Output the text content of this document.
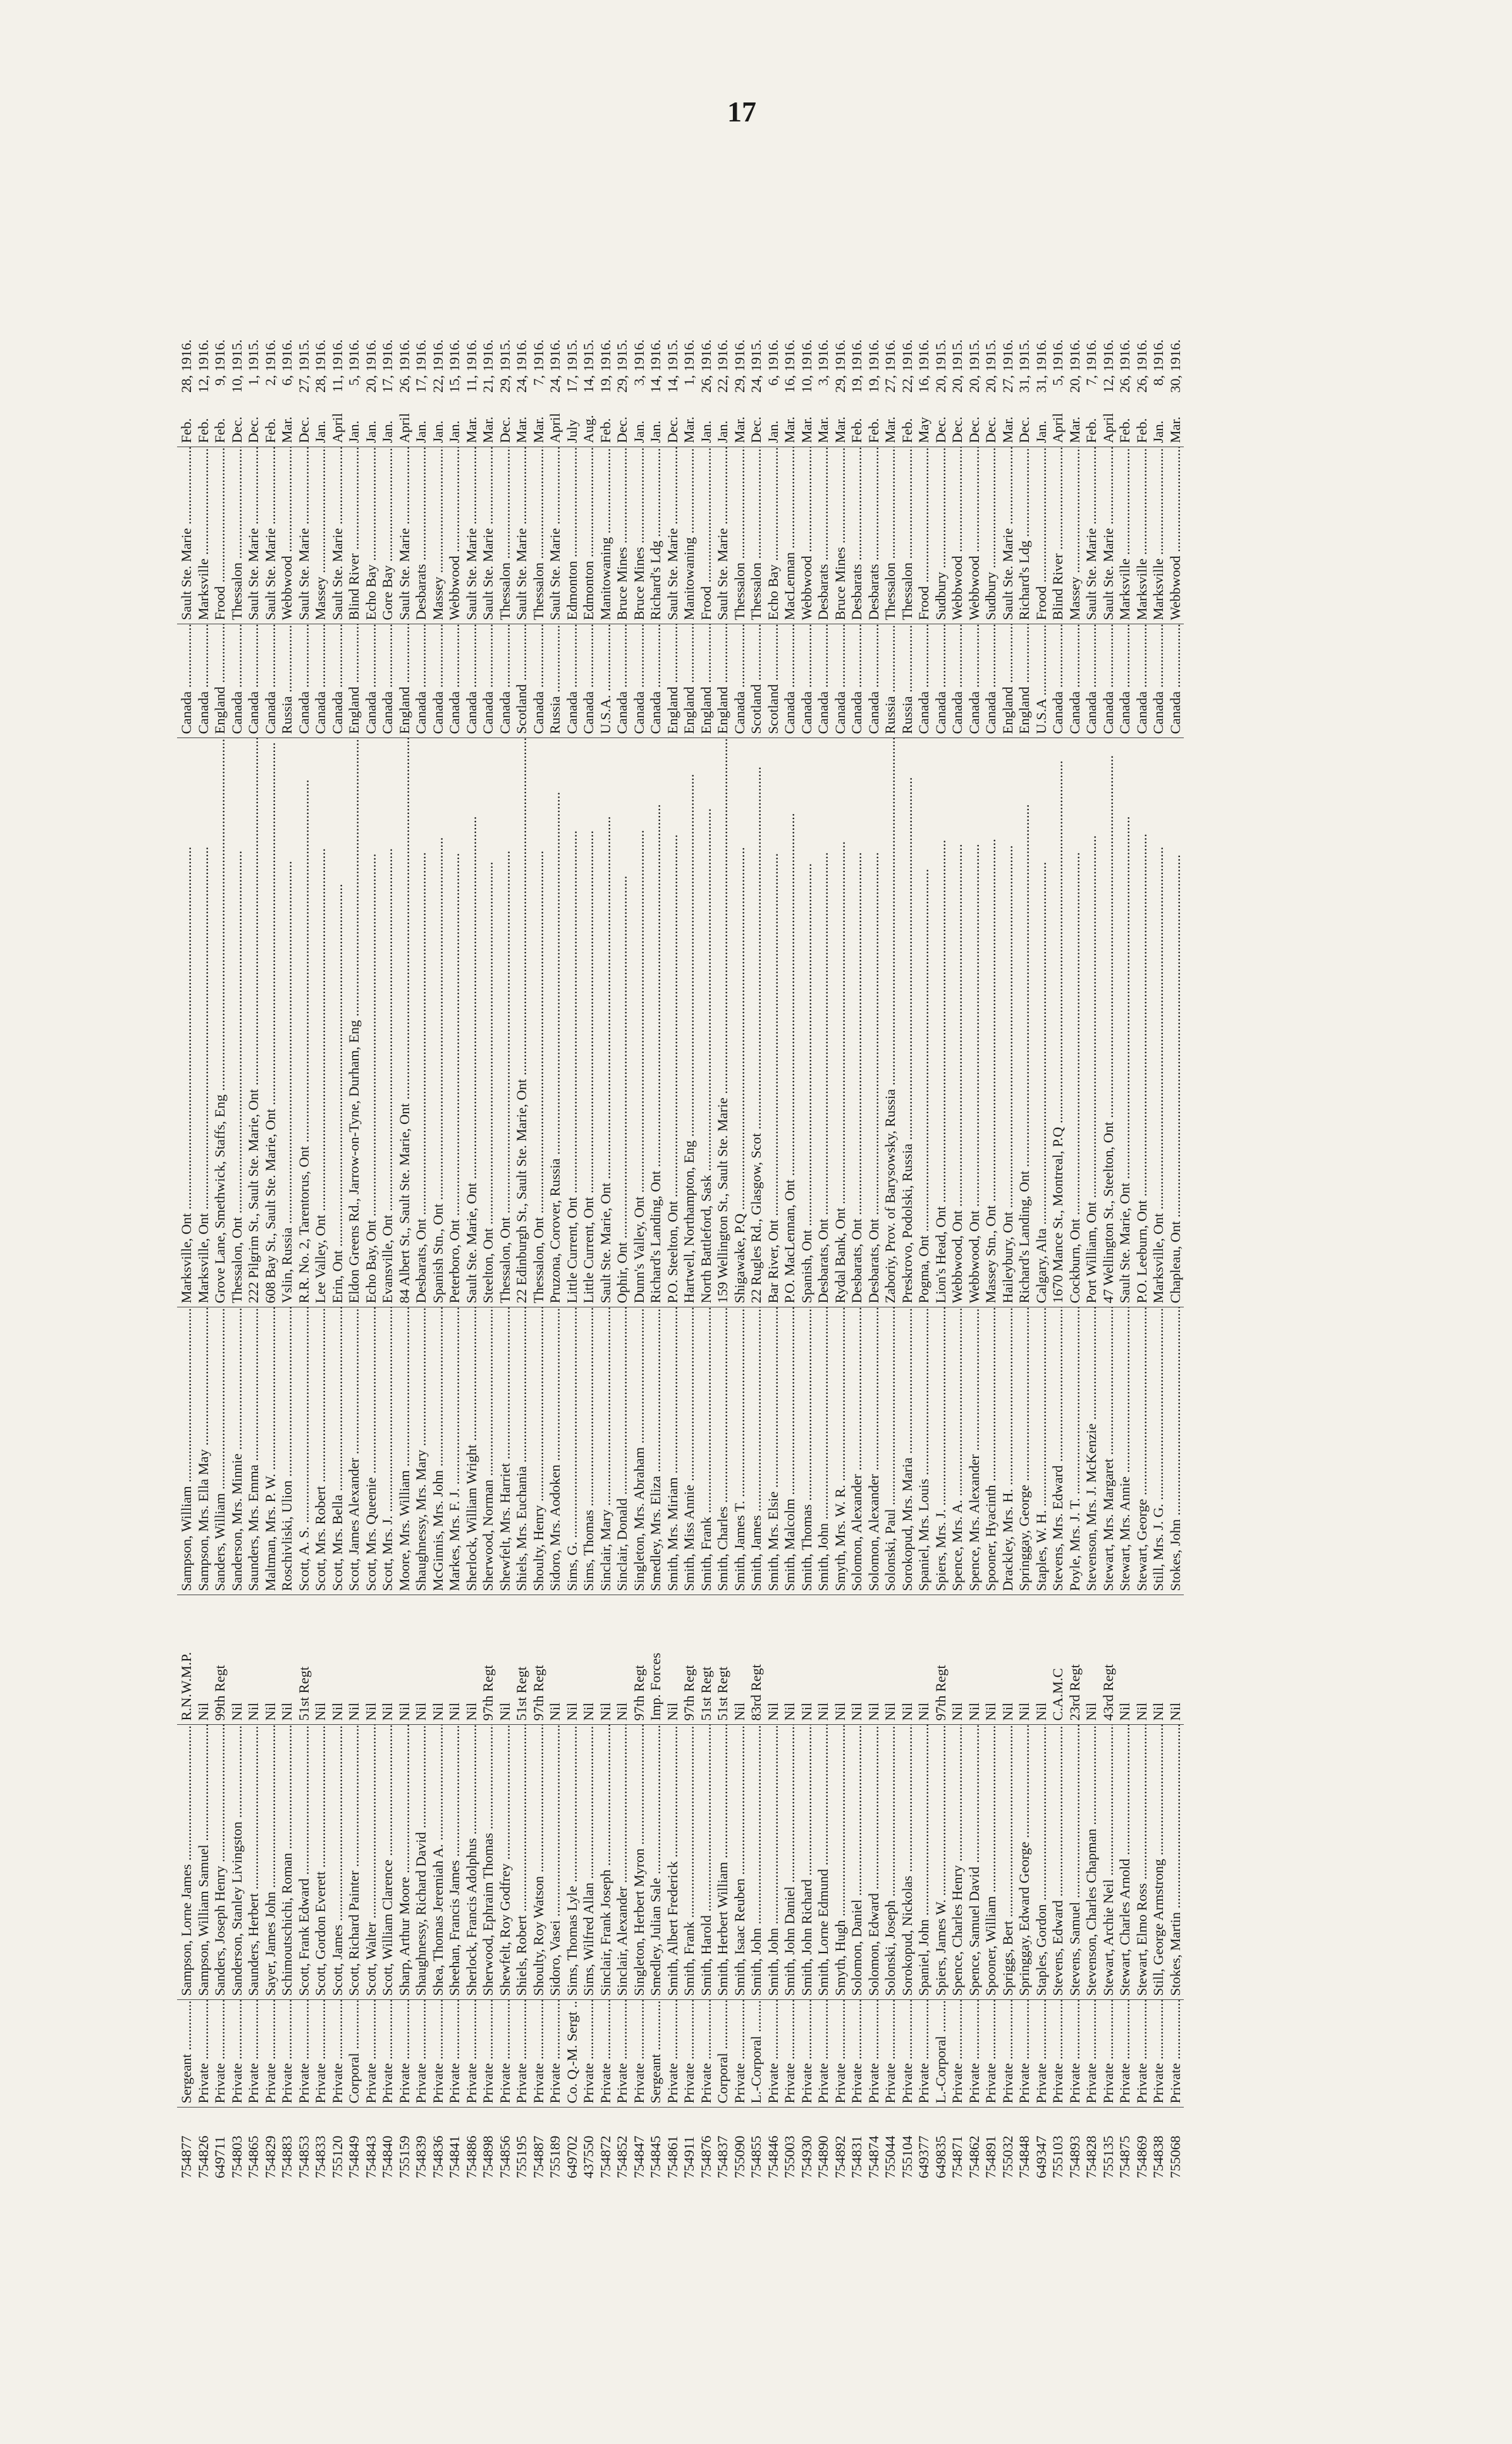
17
754877	Sergeant .....	Sampson, Lorne James .....	R.N.W.M.P.	Sampson, William .....	Marksville, Ont .....	Canada .....	Sault Ste. Marie .....	Feb. 28, 1916.
754826	Private .....	Sampson, William Samuel .....	Nil	Sampson, Mrs. Ella May .....	Marksville, Ont .....	Canada .....	Marksville .....	Feb. 12, 1916.
649711	Private .....	Sanders, Joseph Henry .....	99th Regt	Sanders, William .....	Grove Lane, Smethwick, Staffs, Eng .....	England .....	Frood .....	Feb. 9, 1916.
754803	Private .....	Sanderson, Stanley Livingston .....	Nil	Sanderson, Mrs. Minnie .....	Thessalon, Ont .....	Canada .....	Thessalon .....	Dec. 10, 1915.
754865	Private .....	Saunders, Herbert .....	Nil	Saunders, Mrs. Emma .....	222 Pilgrim St., Sault Ste. Marie, Ont .....	Canada .....	Sault Ste. Marie .....	Dec. 1, 1915.
754829	Private .....	Sayer, James John .....	Nil	Maltman, Mrs. P. W. .....	608 Bay St., Sault Ste. Marie, Ont .....	Canada .....	Sault Ste. Marie .....	Feb. 2, 1916.
754883	Private .....	Schimoutschichi, Roman .....	Nil	Roschivliski, Ulion .....	Vslin, Russia .....	Russia .....	Webbwood .....	Mar. 6, 1916.
754853	Private .....	Scott, Frank Edward .....	51st Regt	Scott, A. S. .....	R.R. No. 2, Tarentorus, Ont .....	Canada .....	Sault Ste. Marie .....	Dec. 27, 1915.
754833	Private .....	Scott, Gordon Everett .....	Nil	Scott, Mrs. Robert .....	Lee Valley, Ont .....	Canada .....	Massey .....	Jan. 28, 1916.
755120	Private .....	Scott, James .....	Nil	Scott, Mrs. Bella .....	Erin, Ont .....	Canada .....	Sault Ste. Marie .....	April 11, 1916.
754849	Corporal .....	Scott, Richard Painter .....	Nil	Scott, James Alexander .....	Eldon Greens Rd., Jarrow-on-Tyne, Durham, Eng .....	England .....	Blind River .....	Jan. 5, 1916.
754843	Private .....	Scott, Walter .....	Nil	Scott, Mrs. Queenie .....	Echo Bay, Ont .....	Canada .....	Echo Bay .....	Jan. 20, 1916.
754840	Private .....	Scott, William Clarence .....	Nil	Scott, Mrs. J. .....	Evansville, Ont .....	Canada .....	Gore Bay .....	Jan. 17, 1916.
755159	Private .....	Sharp, Arthur Moore .....	Nil	Moore, Mrs. William .....	84 Albert St., Sault Ste. Marie, Ont .....	England .....	Sault Ste. Marie .....	April 26, 1916.
754839	Private .....	Shaughnessy, Richard David .....	Nil	Shaughnessy, Mrs. Mary .....	Desbarats, Ont .....	Canada .....	Desbarats .....	Jan. 17, 1916.
754836	Private .....	Shea, Thomas Jeremiah A. .....	Nil	McGinnis, Mrs. John .....	Spanish Stn., Ont .....	Canada .....	Massey .....	Jan. 22, 1916.
754841	Private .....	Sheehan, Francis James .....	Nil	Markes, Mrs. F. J. .....	Peterboro, Ont .....	Canada .....	Webbwood .....	Jan. 15, 1916.
754886	Private .....	Sherlock, Francis Adolphus .....	Nil	Sherlock, William Wright .....	Sault Ste. Marie, Ont .....	Canada .....	Sault Ste. Marie .....	Mar. 11, 1916.
754898	Private .....	Sherwood, Ephraim Thomas .....	97th Regt	Sherwood, Norman .....	Steelton, Ont .....	Canada .....	Sault Ste. Marie .....	Mar. 21, 1916.
754856	Private .....	Shewfelt, Roy Godfrey .....	Nil	Shewfelt, Mrs. Harriet .....	Thessalon, Ont .....	Canada .....	Thessalon .....	Dec. 29, 1915.
755195	Private .....	Shiels, Robert .....	51st Regt	Shiels, Mrs. Euchania .....	22 Edinburgh St., Sault Ste. Marie, Ont .....	Scotland .....	Sault Ste. Marie .....	Mar. 24, 1916.
754887	Private .....	Shoulty, Roy Watson .....	97th Regt	Shoulty, Henry .....	Thessalon, Ont .....	Canada .....	Thessalon .....	Mar. 7, 1916.
755189	Private .....	Sidoro, Vasei .....	Nil	Sidoro, Mrs. Aodoken .....	Pruzona, Corover, Russia .....	Russia .....	Sault Ste. Marie .....	April 24, 1916.
649702	Co. Q.-M. Sergt .....	Sims, Thomas Lyle .....	Nil	Sims, G. .....	Little Current, Ont .....	Canada .....	Edmonton .....	July 17, 1915.
437550	Private .....	Sims, Wilfred Allan .....	Nil	Sims, Thomas .....	Little Current, Ont .....	Canada .....	Edmonton .....	Aug. 14, 1915.
754872	Private .....	Sinclair, Frank Joseph .....	Nil	Sinclair, Mary .....	Sault Ste. Marie, Ont .....	U.S.A. .....	Manitowaning .....	Feb. 19, 1916.
754852	Private .....	Sinclair, Alexander .....	Nil	Sinclair, Donald .....	Ophir, Ont .....	Canada .....	Bruce Mines .....	Dec. 29, 1915.
754847	Private .....	Singleton, Herbert Myron .....	97th Regt	Singleton, Mrs. Abraham .....	Dunn's Valley, Ont .....	Canada .....	Bruce Mines .....	Jan. 3, 1916.
754845	Sergeant .....	Smedley, Julian Sale .....	Imp. Forces	Smedley, Mrs. Eliza .....	Richard's Landing, Ont .....	Canada .....	Richard's Ldg .....	Jan. 14, 1916.
754861	Private .....	Smith, Albert Frederick .....	Nil	Smith, Mrs. Miriam .....	P.O. Steelton, Ont .....	England .....	Sault Ste. Marie .....	Dec. 14, 1915.
754911	Private .....	Smith, Frank .....	97th Regt	Smith, Miss Annie .....	Hartwell, Northampton, Eng .....	England .....	Manitowaning .....	Mar. 1, 1916.
754876	Private .....	Smith, Harold .....	51st Regt	Smith, Frank .....	North Battleford, Sask .....	England .....	Frood .....	Jan. 26, 1916.
754837	Corporal .....	Smith, Herbert William .....	51st Regt	Smith, Charles .....	159 Wellington St., Sault Ste. Marie .....	England .....	Sault Ste. Marie .....	Jan. 22, 1916.
755090	Private .....	Smith, Isaac Reuben .....	Nil	Smith, James T. .....	Shigawake, P.Q .....	Canada .....	Thessalon .....	Mar. 29, 1916.
754855	L.-Corporal .....	Smith, John .....	83rd Regt	Smith, James .....	22 Rugles Rd., Glasgow, Scot .....	Scotland .....	Thessalon .....	Dec. 24, 1915.
754846	Private .....	Smith, John .....	Nil	Smith, Mrs. Elsie .....	Bar River, Ont .....	Scotland .....	Echo Bay .....	Jan. 6, 1916.
755003	Private .....	Smith, John Daniel .....	Nil	Smith, Malcolm .....	P.O. MacLennan, Ont .....	Canada .....	MacLennan .....	Mar. 16, 1916.
754930	Private .....	Smith, John Richard .....	Nil	Smith, Thomas .....	Spanish, Ont .....	Canada .....	Webbwood .....	Mar. 10, 1916.
754890	Private .....	Smith, Lorne Edmund .....	Nil	Smith, John .....	Desbarats, Ont .....	Canada .....	Desbarats .....	Mar. 3, 1916.
754892	Private .....	Smyth, Hugh .....	Nil	Smyth, Mrs. W. R. .....	Rydal Bank, Ont .....	Canada .....	Bruce Mines .....	Mar. 29, 1916.
754831	Private .....	Solomon, Daniel .....	Nil	Solomon, Alexander .....	Desbarats, Ont .....	Canada .....	Desbarats .....	Feb. 19, 1916.
754874	Private .....	Solomon, Edward .....	Nil	Solomon, Alexander .....	Desbarats, Ont .....	Canada .....	Desbarats .....	Feb. 19, 1916.
755044	Private .....	Solonski, Joseph .....	Nil	Solonski, Paul .....	Zaboriy, Prov. of Barysowsky, Russia .....	Russia .....	Thessalon .....	Mar. 27, 1916.
755104	Private .....	Sorokopud, Nickolas .....	Nil	Sorokopud, Mrs. Maria .....	Preskrovo, Podolski, Russia .....	Russia .....	Thessalon .....	Feb. 22, 1916.
649377	Private .....	Spaniel, John .....	Nil	Spaniel, Mrs. Louis .....	Pogma, Ont .....	Canada .....	Frood .....	May 16, 1916.
649835	L.-Corporal .....	Spiers, James W. .....	97th Regt	Spiers, Mrs. J. .....	Lion's Head, Ont .....	Canada .....	Sudbury .....	Dec. 20, 1915.
754871	Private .....	Spence, Charles Henry .....	Nil	Spence, Mrs. A. .....	Webbwood, Ont .....	Canada .....	Webbwood .....	Dec. 20, 1915.
754862	Private .....	Spence, Samuel David .....	Nil	Spence, Mrs. Alexander .....	Webbwood, Ont .....	Canada .....	Webbwood .....	Dec. 20, 1915.
754891	Private .....	Spooner, William .....	Nil	Spooner, Hyacinth .....	Massey Stn., Ont .....	Canada .....	Sudbury .....	Dec. 20, 1915.
755032	Private .....	Spriggs, Bert .....	Nil	Drackley, Mrs. H. .....	Haileybury, Ont .....	England .....	Sault Ste. Marie .....	Mar. 27, 1916.
754848	Private .....	Springgay, Edward George .....	Nil	Springgay, George .....	Richard's Landing, Ont .....	England .....	Richard's Ldg .....	Dec. 31, 1915.
649347	Private .....	Staples, Gordon .....	Nil	Staples, W. H. .....	Calgary, Alta .....	U.S.A .....	Frood .....	Jan. 31, 1916.
755103	Private .....	Stevens, Edward .....	C.A.M.C	Stevens, Mrs. Edward .....	1670 Mance St., Montreal, P.Q .....	Canada .....	Blind River .....	April 5, 1916.
754893	Private .....	Stevens, Samuel .....	23rd Regt	Poyle, Mrs. J. T. .....	Cockburn, Ont .....	Canada .....	Massey .....	Mar. 20, 1916.
754828	Private .....	Stevenson, Charles Chapman .....	Nil	Stevenson, Mrs. J. McKenzie .....	Port William, Ont .....	Canada .....	Sault Ste. Marie .....	Feb. 7, 1916.
755135	Private .....	Stewart, Archie Neil .....	43rd Regt	Stewart, Mrs. Margaret .....	47 Wellington St., Steelton, Ont .....	Canada .....	Sault Ste. Marie .....	April 12, 1916.
754875	Private .....	Stewart, Charles Arnold .....	Nil	Stewart, Mrs. Annie .....	Sault Ste. Marie, Ont .....	Canada .....	Marksville .....	Feb. 26, 1916.
754869	Private .....	Stewart, Elmo Ross .....	Nil	Stewart, George .....	P.O. Leeburn, Ont .....	Canada .....	Marksville .....	Feb. 26, 1916.
754838	Private .....	Still, George Armstrong .....	Nil	Still, Mrs. J. G. .....	Marksville, Ont .....	Canada .....	Marksville .....	Jan. 8, 1916.
755068	Private .....	Stokes, Martin .....	Nil	Stokes, John .....	Chapleau, Ont .....	Canada .....	Webbwood .....	Mar. 30, 1916.
